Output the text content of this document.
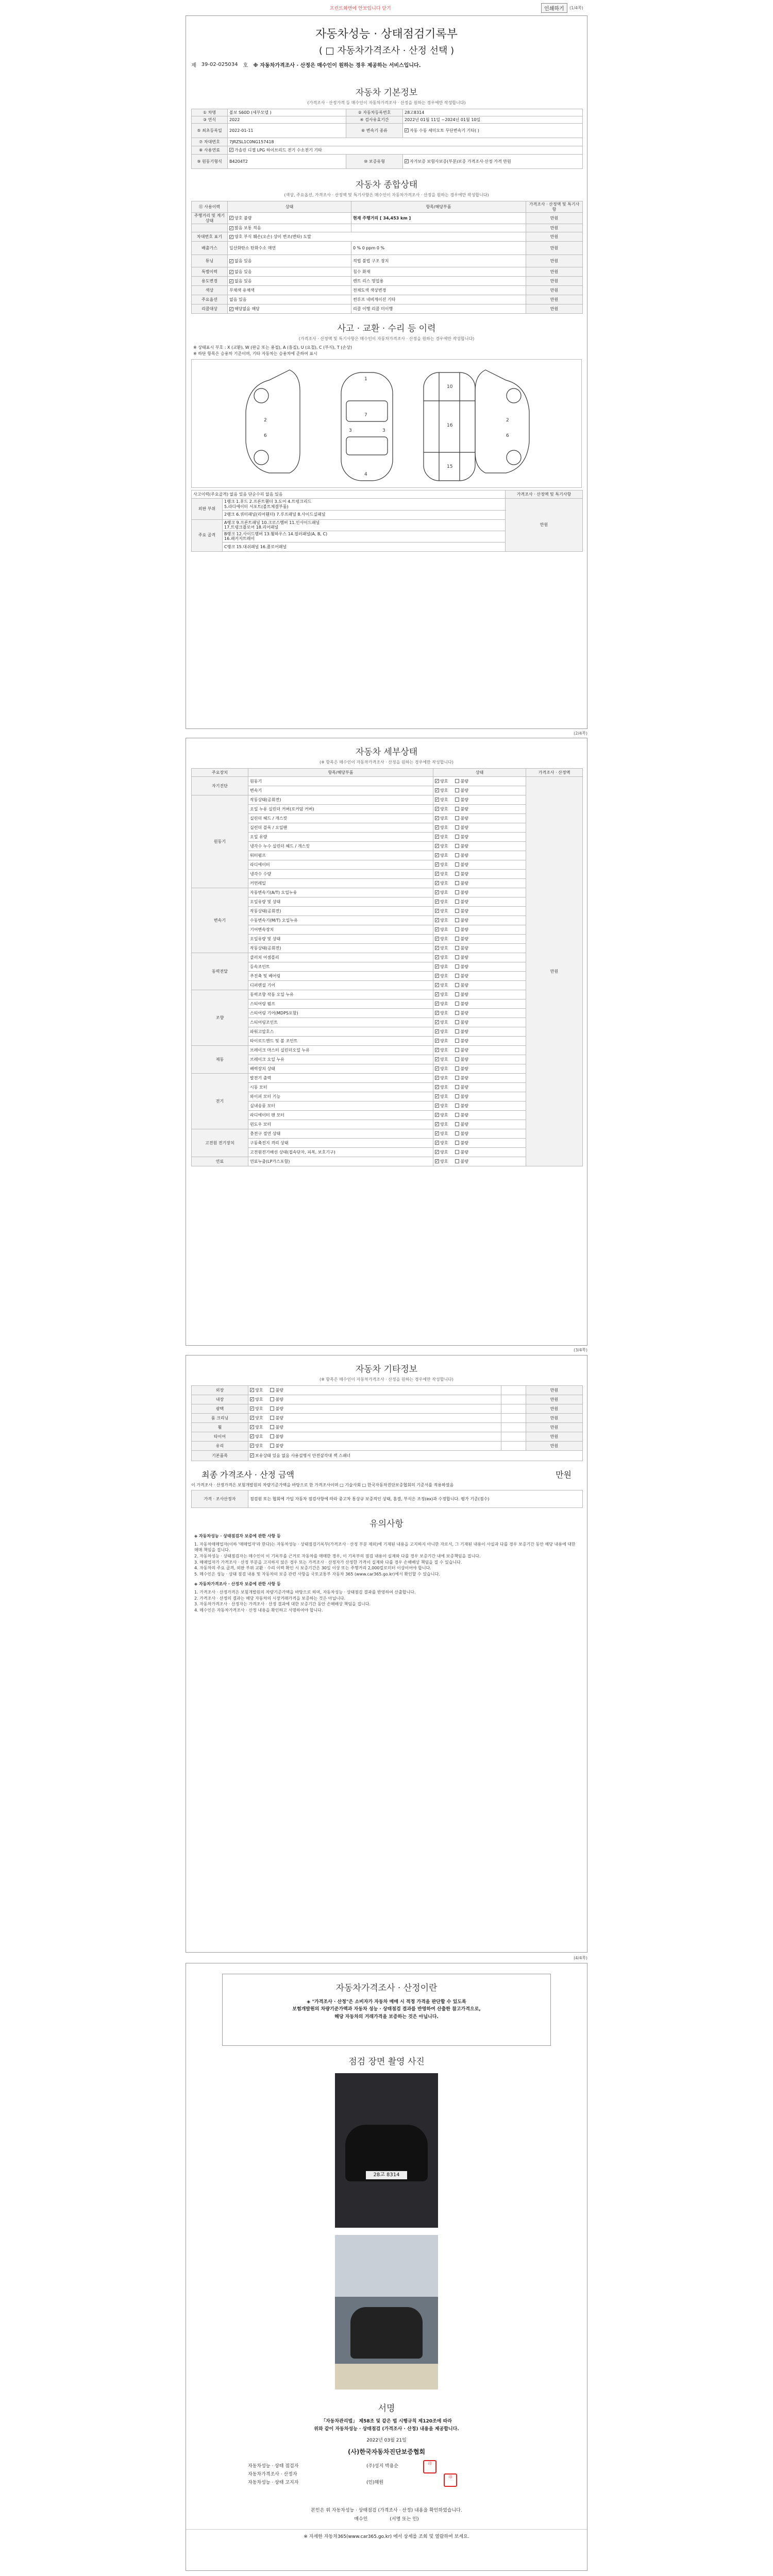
프린트화면에 안보입니다 닫기	인쇄하기	(1/4쪽)
자동차성능 · 상태점검기록부
( □ 자동차가격조사 · 산정 선택 )
제 39-02-025034 호 ※ 자동차가격조사 · 산정은 매수인이 원하는 경우 제공하는 서비스입니다.
자동차 기본정보
(가격조사 · 산정가격 등 매수인이 자동차가격조사 · 산정을 원하는 경우에만 작성합니다)
① 차명	볼보 S60D (세부모델 )	② 자동차등록번호	28고8314
③ 연식	2022	④ 검사유효기간	2022년 01월 11일 ~2024년 01월 10일
⑤ 최초등록일	2022-01-11	⑥ 변속기 종류	✓자동 수동 세미오토 무단변속기 기타( )
⑦ 차대번호	7JRZSL1C0NG157418		
⑧ 사용연료	✓가솔린 디젤 LPG 하이브리드 전기 수소전기 기타
⑨ 원동기형식	B4204T2	⑩ 보증유형	✓자가보증 보험사보증(부분)보증 가격조사·산정 가격 만원
자동차 종합상태
(색상, 주요옵션, 가격조사 · 산정액 및 특기사항은 매수인이 자동차가격조사 · 산정을 원하는 경우에만 작성합니다)
⑪ 사용이력	상태	항목/해당부품	가격조사 · 산정액 및 특기사항
주행거리 및 계기상태	✓양호 불량	현재 주행거리 [ 34,453 km ]	만원
	✓많음 보통 적음		만원
차대번호 표기	✓양호 부식 훼손(오손) 상이 변조(변타) 도말		만원
배출가스	일산화탄소 탄화수소 매연	0 % 0 ppm 0 %	만원
튜닝	✓없음 있음	적법 불법 구조 장치	만원
특별이력	✓없음 있음	침수 화재	만원
용도변경	✓없음 있음	렌트 리스 영업용	만원
색상	무채색 유채색	전체도색 색상변경	만원
주요옵션	없음 있음	썬루프 네비게이션 기타	만원
리콜대상	✓해당없음 해당	리콜 이행 리콜 미이행	만원
사고 · 교환 · 수리 등 이력
(가격조사 · 산정액 및 특기사항은 매수인이 자동차가격조사 · 산정을 원하는 경우에만 작성합니다)
※ 상태표시 부호 : X (교환), W (판금 또는 용접), A (흠집), U (요철), C (부식), T (손상)
※ 하단 항목은 승용차 기준이며, 기타 자동차는 승용차에 준하여 표시
1
7
4
3	3
10
16
15
2
6
2
6
사고이력(주요골격) 없음 있음 단순수리 없음 있음		가격조사 · 산정액 및 특기사항
외판 부위	1랭크 1.후드 2.프론트휀더 3.도어 4.트렁크리드
5.라디에이터 서포트(볼트체결부품)	만원
	2랭크 6.쿼터패널(리어휀더) 7.루프패널 8.사이드실패널	
주요 골격	A랭크 9.프론트패널 10.크로스멤버 11.인사이드패널
17.트렁크플로어 18.리어패널	

	B랭크 12.사이드멤버 13.휠하우스 14.필러패널(A, B, C)
16.패키지트레이	

	C랭크 15.대쉬패널 16.플로어패널	
(2/4쪽)
자동차 세부상태
(※ 항목은 매수인이 자동차가격조사 · 산정을 원하는 경우에만 작성합니다)
주요장치	항목/해당부품	상태	가격조사 · 산정액
자기진단	원동기	✓양호 불량	만원
	변속기	✓양호 불량
원동기	작동상태(공회전)	✓양호 불량
	오일 누유 실린더 커버(로커암 커버)	✓양호 불량
	실린더 헤드 / 개스킷	✓양호 불량
	실린더 블록 / 오일팬	✓양호 불량
	오일 유량	✓양호 불량
	냉각수 누수 실린더 헤드 / 개스킷	✓양호 불량
	워터펌프	✓양호 불량
	라디에이터	✓양호 불량
	냉각수 수량	✓양호 불량
	커먼레일	✓양호 불량
변속기	자동변속기(A/T) 오일누유	✓양호 불량
	오일유량 및 상태	✓양호 불량
	작동상태(공회전)	✓양호 불량
	수동변속기(M/T) 오일누유	✓양호 불량
	기어변속장치	✓양호 불량
	오일유량 및 상태	✓양호 불량
	작동상태(공회전)	✓양호 불량
동력전달	클러치 어셈블리	✓양호 불량
	등속조인트	✓양호 불량
	추진축 및 베어링	✓양호 불량
	디퍼렌셜 기어	✓양호 불량
조향	동력조향 작동 오일 누유	✓양호 불량
	스티어링 펌프	✓양호 불량
	스티어링 기어(MDPS포함)	✓양호 불량
	스티어링조인트	✓양호 불량
	파워고압호스	✓양호 불량
	타이로드엔드 및 볼 조인트	✓양호 불량
제동	브레이크 마스터 실린더오일 누유	✓양호 불량
	브레이크 오일 누유	✓양호 불량
	배력장치 상태	✓양호 불량
전기	발전기 출력	✓양호 불량
	시동 모터	✓양호 불량
	와이퍼 모터 기능	✓양호 불량
	실내송풍 모터	✓양호 불량
	라디에이터 팬 모터	✓양호 불량
	윈도우 모터	✓양호 불량
고전원 전기장치	충전구 절연 상태	✓양호 불량
	구동축전지 격리 상태	✓양호 불량
	고전원전기배선 상태(접속단자, 피복, 보호기구)	✓양호 불량
연료	연료누출(LP가스포함)	✓양호 불량
(3/4쪽)
자동차 기타정보
(※ 항목은 매수인이 자동차가격조사 · 산정을 원하는 경우에만 작성합니다)
외장	✓양호 불량		만원
내장	✓양호 불량		만원
광택	✓양호 불량		만원
룸 크리닝	✓양호 불량		만원
휠	✓양호 불량		만원
타이어	✓양호 불량		만원
유리	✓양호 불량		만원
기본품목	✓보유상태 있음 없음 사용설명서 안전삼각대 잭 스패너
최종 가격조사 · 산정 금액	만원
이 가격조사 · 산정가격은 보험개발원의 차량기준가액을 바탕으로 한 가격조사이며 □ 기술사회 □ 한국자동차진단보증협회의 기준서를 적용하였음
가격 · 조사산정자	점검원 또는 협회에 가입 자동차 점검사항에 따라 중고차 통상규 보증적인 상태, 흠결, 부식은 조정(ex)과 수정합니다. 평가 기준(점수)
유의사항
◈ 자동차성능 · 상태점검자 보증에 관한 사항 등

1. 자동차매매업자(이하 '매매업자'라 한다)는 자동차성능 · 상태점검기록부(가격조사 · 산정 부분 제외)에 기재된 내용을 고지하지 아니한 자로서, 그 기재된 내용이 사실과 다를 경우 보증기간 동안 해당 내용에 대한 매매 책임을 집니다.

2. 자동차성능 · 상태점검자는 매수인이 이 기록부를 근거로 자동차를 매매한 경우, 이 기록부의 점검 내용이 실제와 다를 경우 보증기간 내에 보증책임을 집니다.

3. 매매업자가 가격조사 · 산정 부분을 고지하지 않은 경우 또는 가격조사 · 산정자가 산정한 가격이 실제와 다를 경우 손해배상 책임을 질 수 있습니다.

4. 자동차의 주요 골격, 외판 부위 교환 · 수리 이력 확인 시 보증기간은 30일 이상 또는 주행거리 2,000킬로미터 이상이어야 합니다.

5. 매수인은 성능 · 상태 점검 내용 및 자동차의 보증 관련 사항을 국토교통부 자동차 365 (www.car365.go.kr)에서 확인할 수 있습니다.

◈ 자동차가격조사 · 산정자 보증에 관한 사항 등

1. 가격조사 · 산정가격은 보험개발원의 차량기준가액을 바탕으로 하며, 자동차성능 · 상태점검 결과를 반영하여 산출합니다.

2. 가격조사 · 산정의 결과는 해당 자동차의 시장거래가격을 보증하는 것은 아닙니다.

3. 자동차가격조사 · 산정자는 가격조사 · 산정 결과에 대한 보증기간 동안 손해배상 책임을 집니다.

4. 매수인은 자동차가격조사 · 산정 내용을 확인하고 서명하여야 합니다.

(4/4쪽)
자동차가격조사 · 산정이란
◈ "가격조사 · 산정"은 소비자가 자동차 매매 시 적정 가격을 판단할 수 있도록
보험개발원의 차량기준가액과 자동차 성능 · 상태점검 결과를 반영하여 산출한 참고가격으로,
해당 자동차의 거래가격을 보증하는 것은 아닙니다.
점검 장면 촬영 사진
28고 8314
서명
「자동차관리법」 제58조 및 같은 법 시행규칙 제120조에 따라
위와 같이 자동차성능 · 상태점검 (가격조사 · 산정) 내용을 제공합니다.
2022년 03월 21일
(사)한국자동차진단보증협회
자동차성능 · 상태 점검자	(주)성지 박용순
자동차가격조사 · 산정자
자동차성능 · 상태 고지자	(인)해원
印
印
본인은 위 자동차성능 · 상태점검 (가격조사 · 산정) 내용을 확인하였습니다.
매수인	(서명 또는 인)
※ 자세한 자동차365(www.car365.go.kr) 에서 상세를 조회 및 열람하여 보세요.
